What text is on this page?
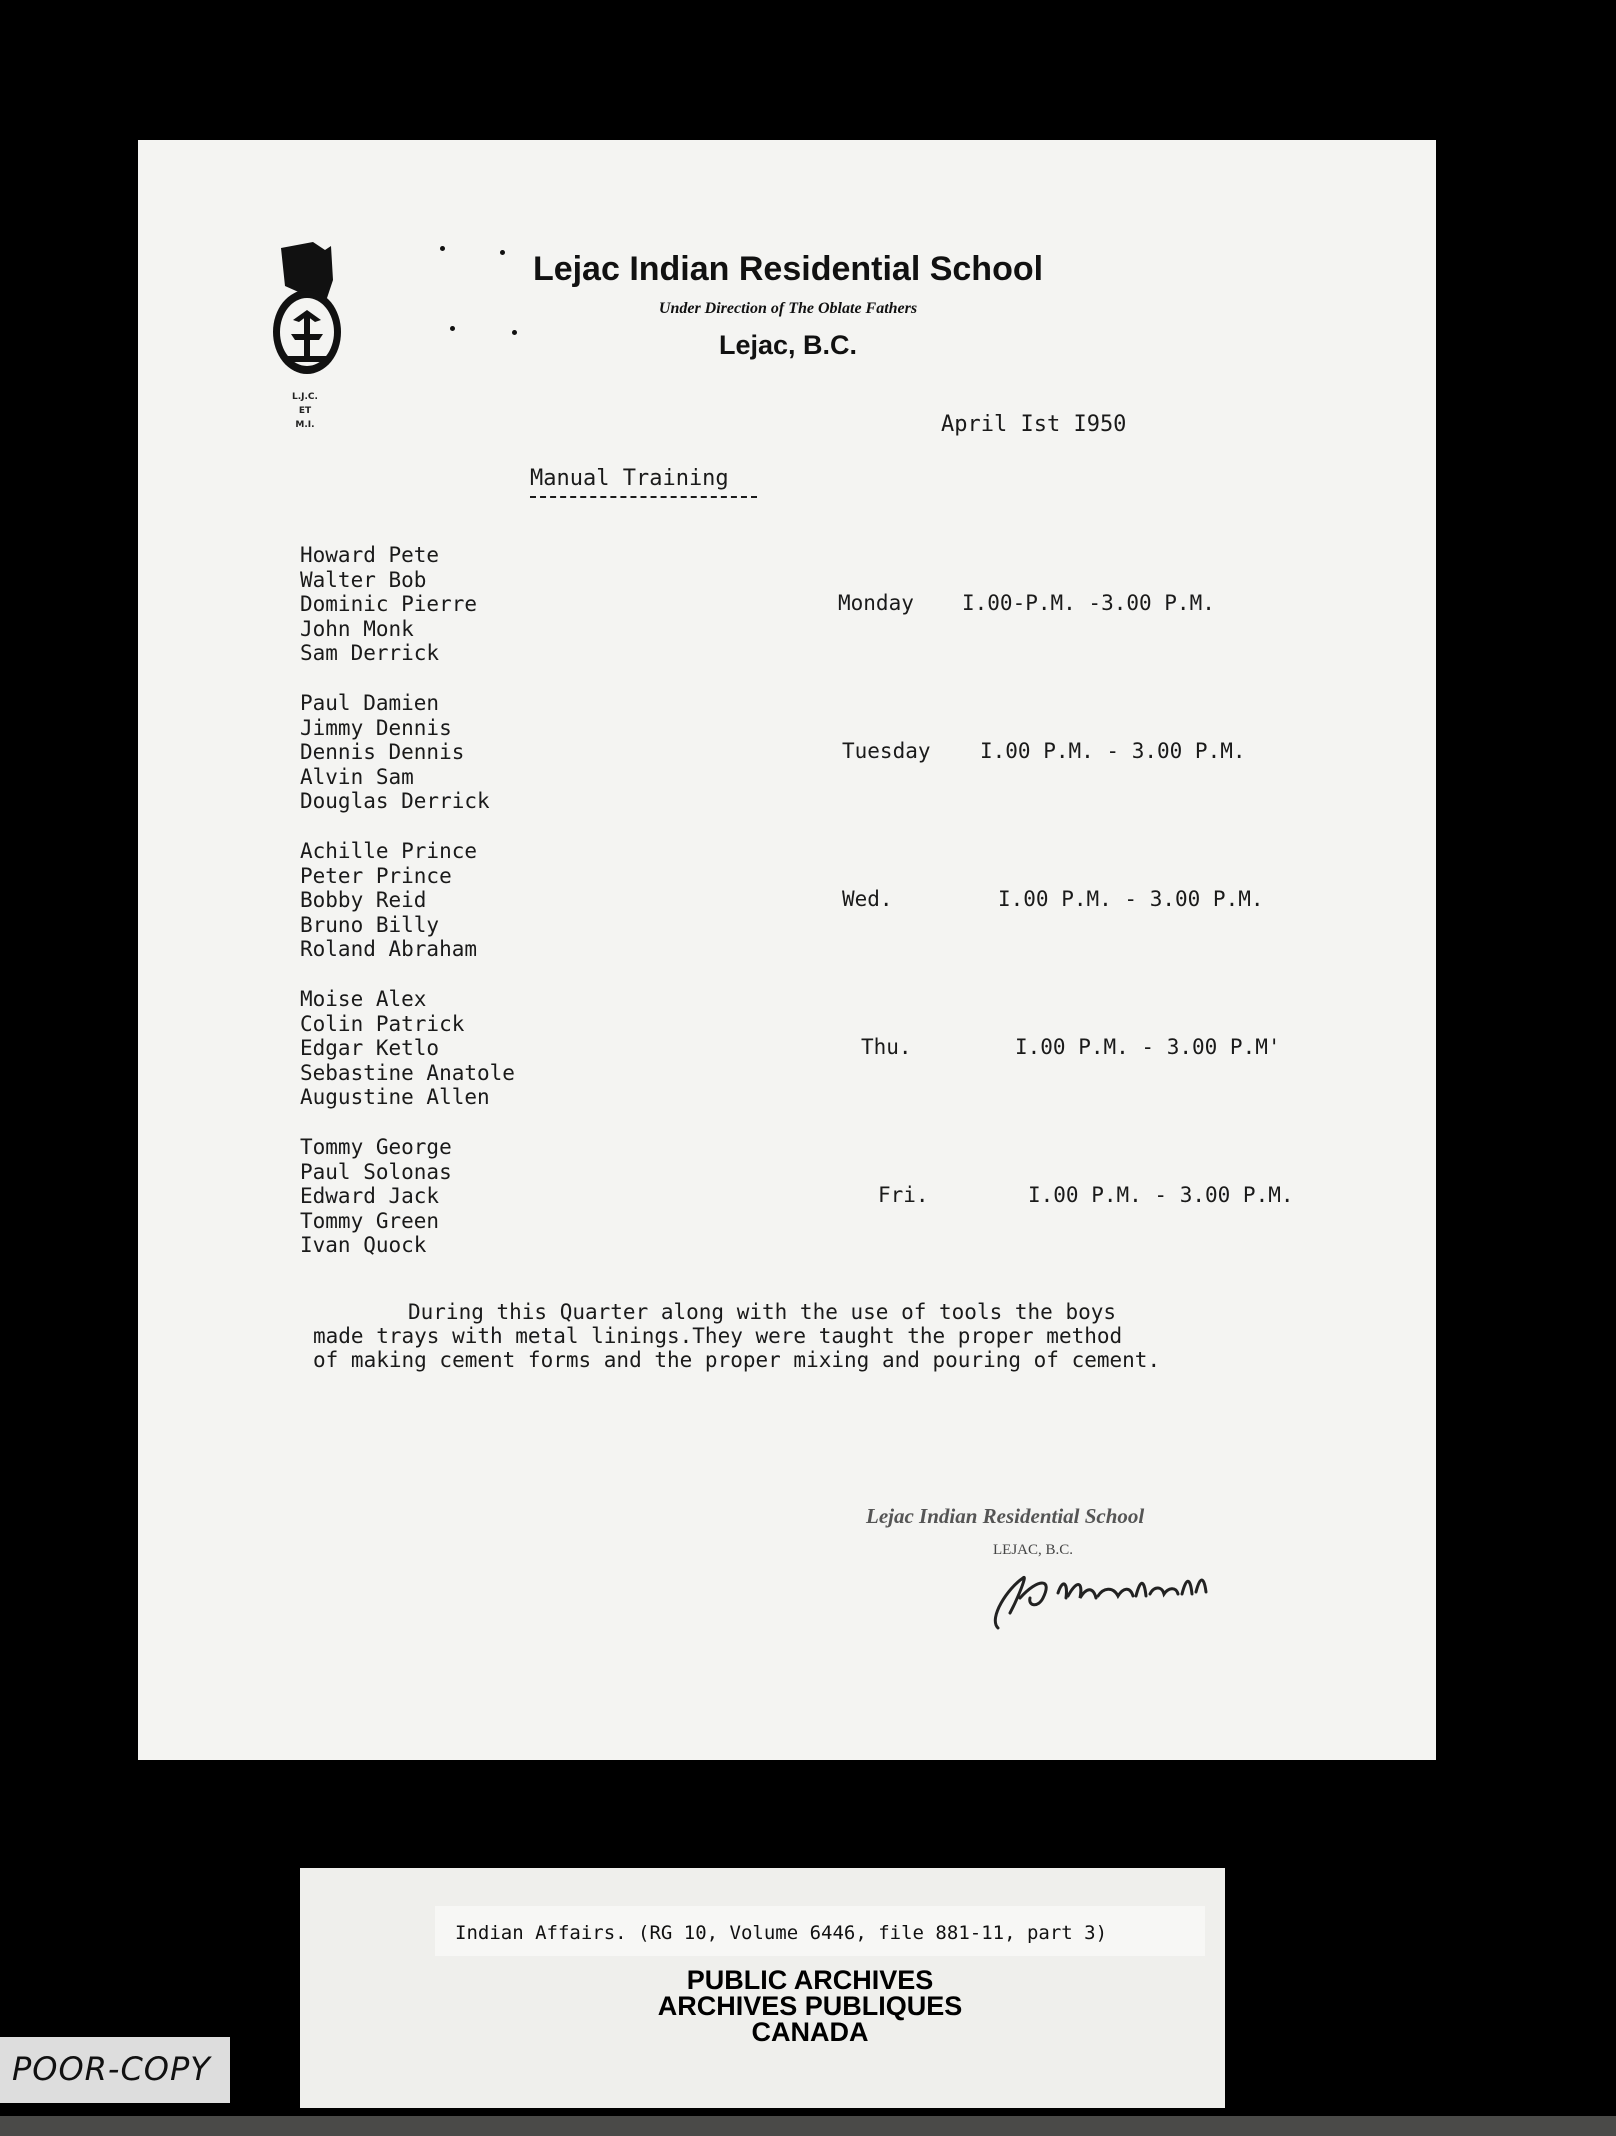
L.J.C.
ET
M.I.
Lejac Indian Residential School
Under Direction of The Oblate Fathers
Lejac, B.C.
April Ist I950
Manual Training
Howard Pete
Walter Bob
Dominic Pierre
John Monk
Sam Derrick
Monday I.00-P.M. -3.00 P.M.
Paul Damien
Jimmy Dennis
Dennis Dennis
Alvin Sam
Douglas Derrick
Tuesday I.00 P.M. - 3.00 P.M.
Achille Prince
Peter Prince
Bobby Reid
Bruno Billy
Roland Abraham
Wed.	I.00 P.M. - 3.00 P.M.
Moise Alex
Colin Patrick
Edgar Ketlo
Sebastine Anatole
Augustine Allen
Thu.	I.00 P.M. - 3.00 P.M'
Tommy George
Paul Solonas
Edward Jack
Tommy Green
Ivan Quock
Fri.	I.00 P.M. - 3.00 P.M.
During this Quarter along with the use of tools the boys
made trays with metal linings.They were taught the proper method
of making cement forms and the proper mixing and pouring of cement.
Lejac Indian Residential School
LEJAC, B.C.
Indian Affairs. (RG 10, Volume 6446, file 881-11, part 3)
PUBLIC ARCHIVES
ARCHIVES PUBLIQUES
CANADA
POOR-COPY
